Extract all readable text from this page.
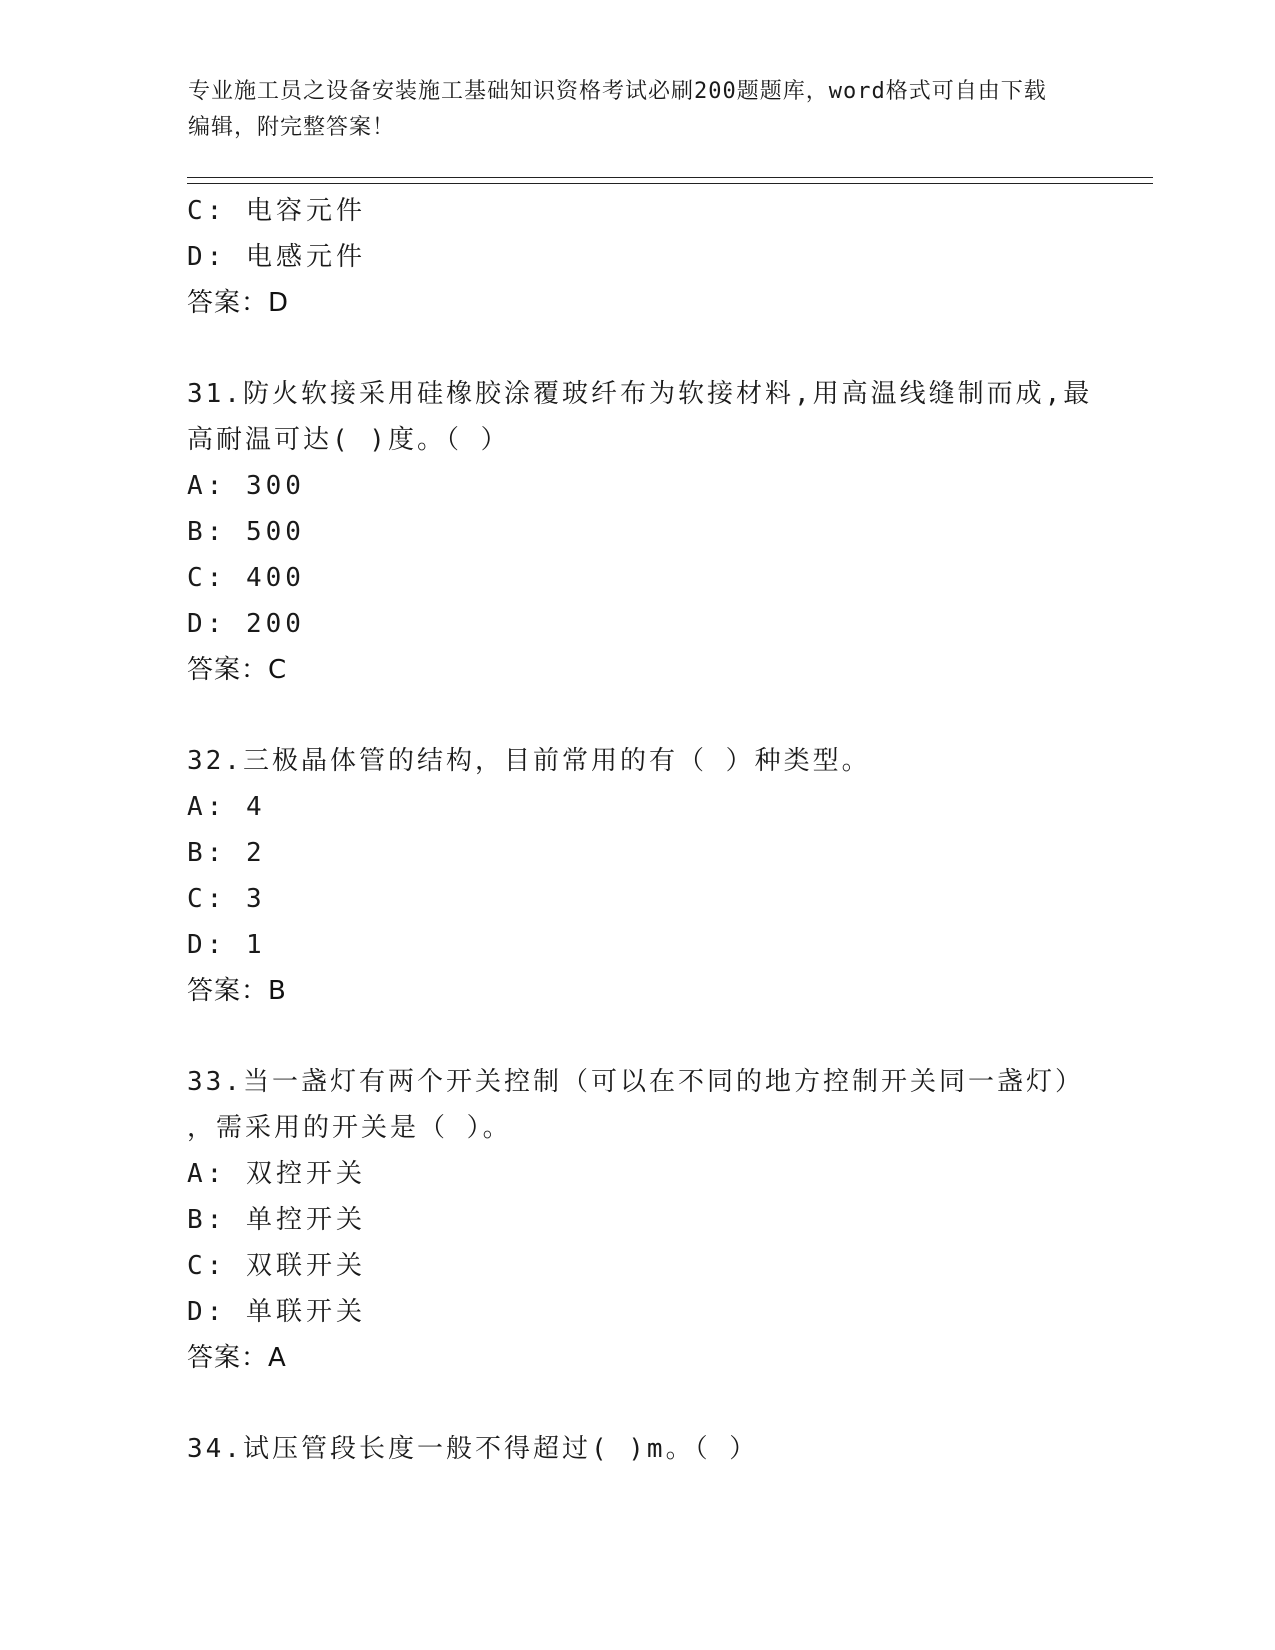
专业施工员之设备安装施工基础知识资格考试必刷200题题库，word格式可自由下载编辑，附完整答案！
C: 电容元件
D: 电感元件
答案：D
31.防火软接采用硅橡胶涂覆玻纤布为软接材料,用高温线缝制而成,最
高耐温可达( )度。（ ）
A: 300
B: 500
C: 400
D: 200
答案：C
32.三极晶体管的结构，目前常用的有（ ）种类型。
A: 4
B: 2
C: 3
D: 1
答案：B
33.当一盏灯有两个开关控制（可以在不同的地方控制开关同一盏灯）
，需采用的开关是（ ）。
A: 双控开关
B: 单控开关
C: 双联开关
D: 单联开关
答案：A
34.试压管段长度一般不得超过( )m。（ ）
